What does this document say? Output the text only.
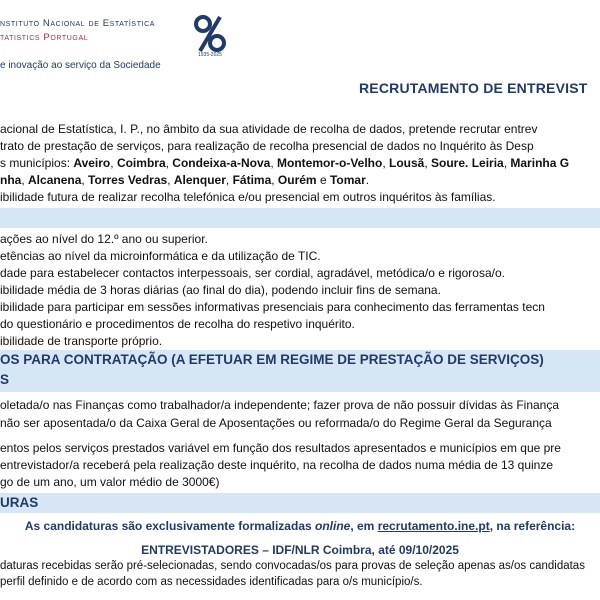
nstituto Nacional de Estatística
tatistics Portugal
1935-2025
e inovação ao serviço da Sociedade
RECRUTAMENTO DE ENTREVIST
acional de Estatística, I. P., no âmbito da sua atividade de recolha de dados, pretende recrutar entrev
trato de prestação de serviços, para realização de recolha presencial de dados no Inquérito às Desp
s municípios: Aveiro, Coimbra, Condeixa-a-Nova, Montemor-o-Velho, Lousã, Soure. Leiria, Marinha G
nha, Alcanena, Torres Vedras, Alenquer, Fátima, Ourém e Tomar.
ibilidade futura de realizar recolha telefónica e/ou presencial em outros inquéritos às famílias.
ações ao nível do 12.º ano ou superior.
etências ao nível da microinformática e da utilização de TIC.
dade para estabelecer contactos interpessoais, ser cordial, agradável, metódica/o e rigorosa/o.
ibilidade média de 3 horas diárias (ao final do dia), podendo incluir fins de semana.
ibilidade para participar em sessões informativas presenciais para conhecimento das ferramentas tecn
do questionário e procedimentos de recolha do respetivo inquérito.
ibilidade de transporte próprio.
OS PARA CONTRATAÇÃO (A EFETUAR EM REGIME DE PRESTAÇÃO DE SERVIÇOS)
S
oletada/o nas Finanças como trabalhador/a independente; fazer prova de não possuir dívidas às Finança
não ser aposentada/o da Caixa Geral de Aposentações ou reformada/o do Regime Geral da Segurança
entos pelos serviços prestados variável em função dos resultados apresentados e municípios em que pre
entrevistador/a receberá pela realização deste inquérito, na recolha de dados numa média de 13 quinze
go de um ano, um valor médio de 3000€)
URAS
As candidaturas são exclusivamente formalizadas online, em recrutamento.ine.pt, na referência:
ENTREVISTADORES – IDF/NLR Coimbra, até 09/10/2025
daturas recebidas serão pré-selecionadas, sendo convocadas/os para provas de seleção apenas as/os candidatas
perfil definido e de acordo com as necessidades identificadas para o/s município/s.
